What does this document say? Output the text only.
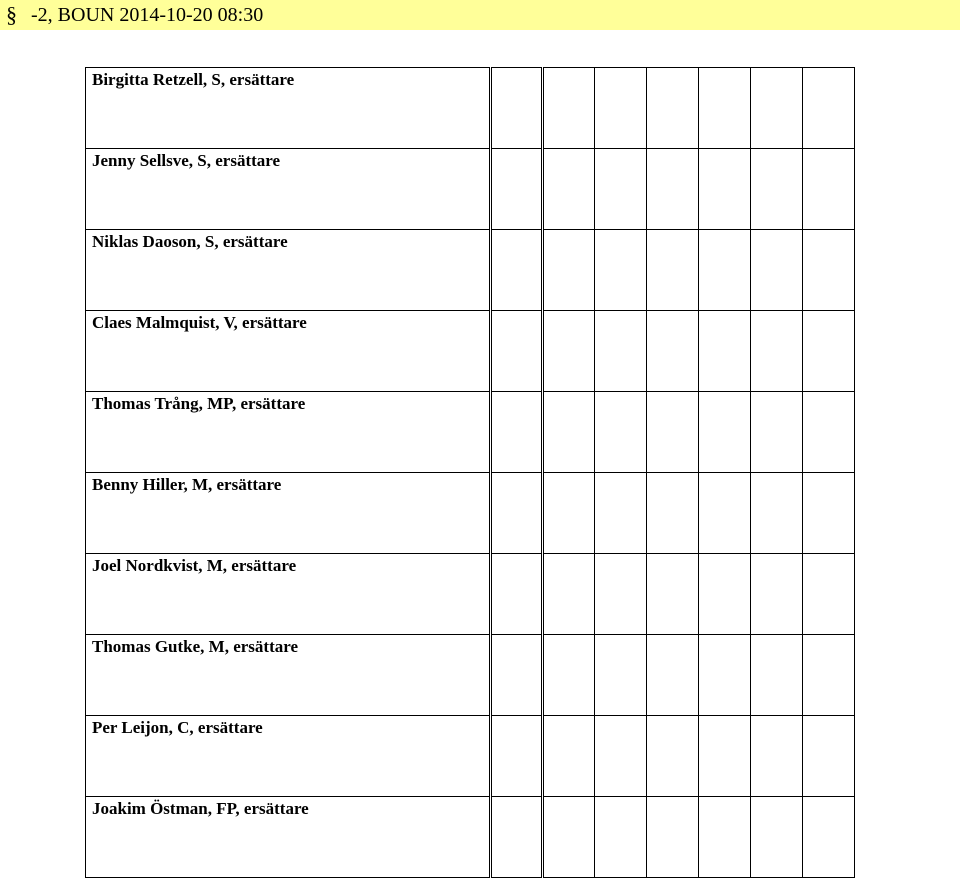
§ -2, BOUN 2014-10-20 08:30
Birgitta Retzell, S, ersättare							
Jenny Sellsve, S, ersättare							
Niklas Daoson, S, ersättare							
Claes Malmquist, V, ersättare							
Thomas Trång, MP, ersättare							
Benny Hiller, M, ersättare							
Joel Nordkvist, M, ersättare							
Thomas Gutke, M, ersättare							
Per Leijon, C, ersättare							
Joakim Östman, FP, ersättare							
